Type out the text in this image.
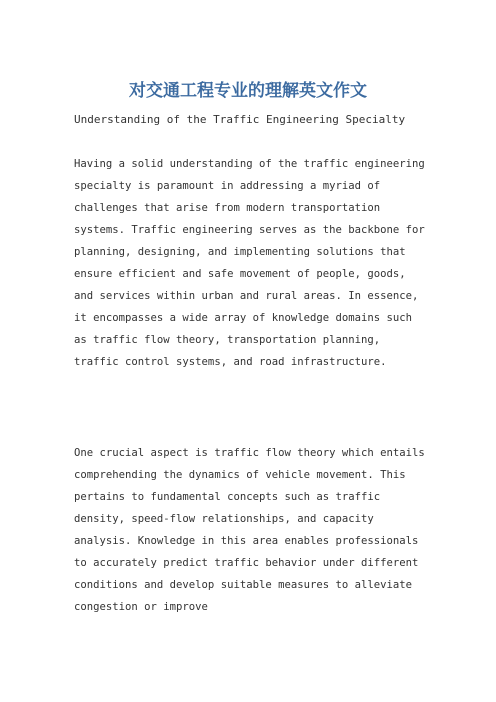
对交通工程专业的理解英文作文
Understanding of the Traffic Engineering Specialty

Having a solid understanding of the traffic engineering specialty is paramount in addressing a myriad of challenges that arise from modern transportation systems. Traffic engineering serves as the backbone for planning, designing, and implementing solutions that ensure efficient and safe movement of people, goods, and services within urban and rural areas. In essence, it encompasses a wide array of knowledge domains such as traffic flow theory, transportation planning, traffic control systems, and road infrastructure.

One crucial aspect is traffic flow theory which entails comprehending the dynamics of vehicle movement. This pertains to fundamental concepts such as traffic density, speed-flow relationships, and capacity analysis. Knowledge in this area enables professionals to accurately predict traffic behavior under different conditions and develop suitable measures to alleviate congestion or improve
